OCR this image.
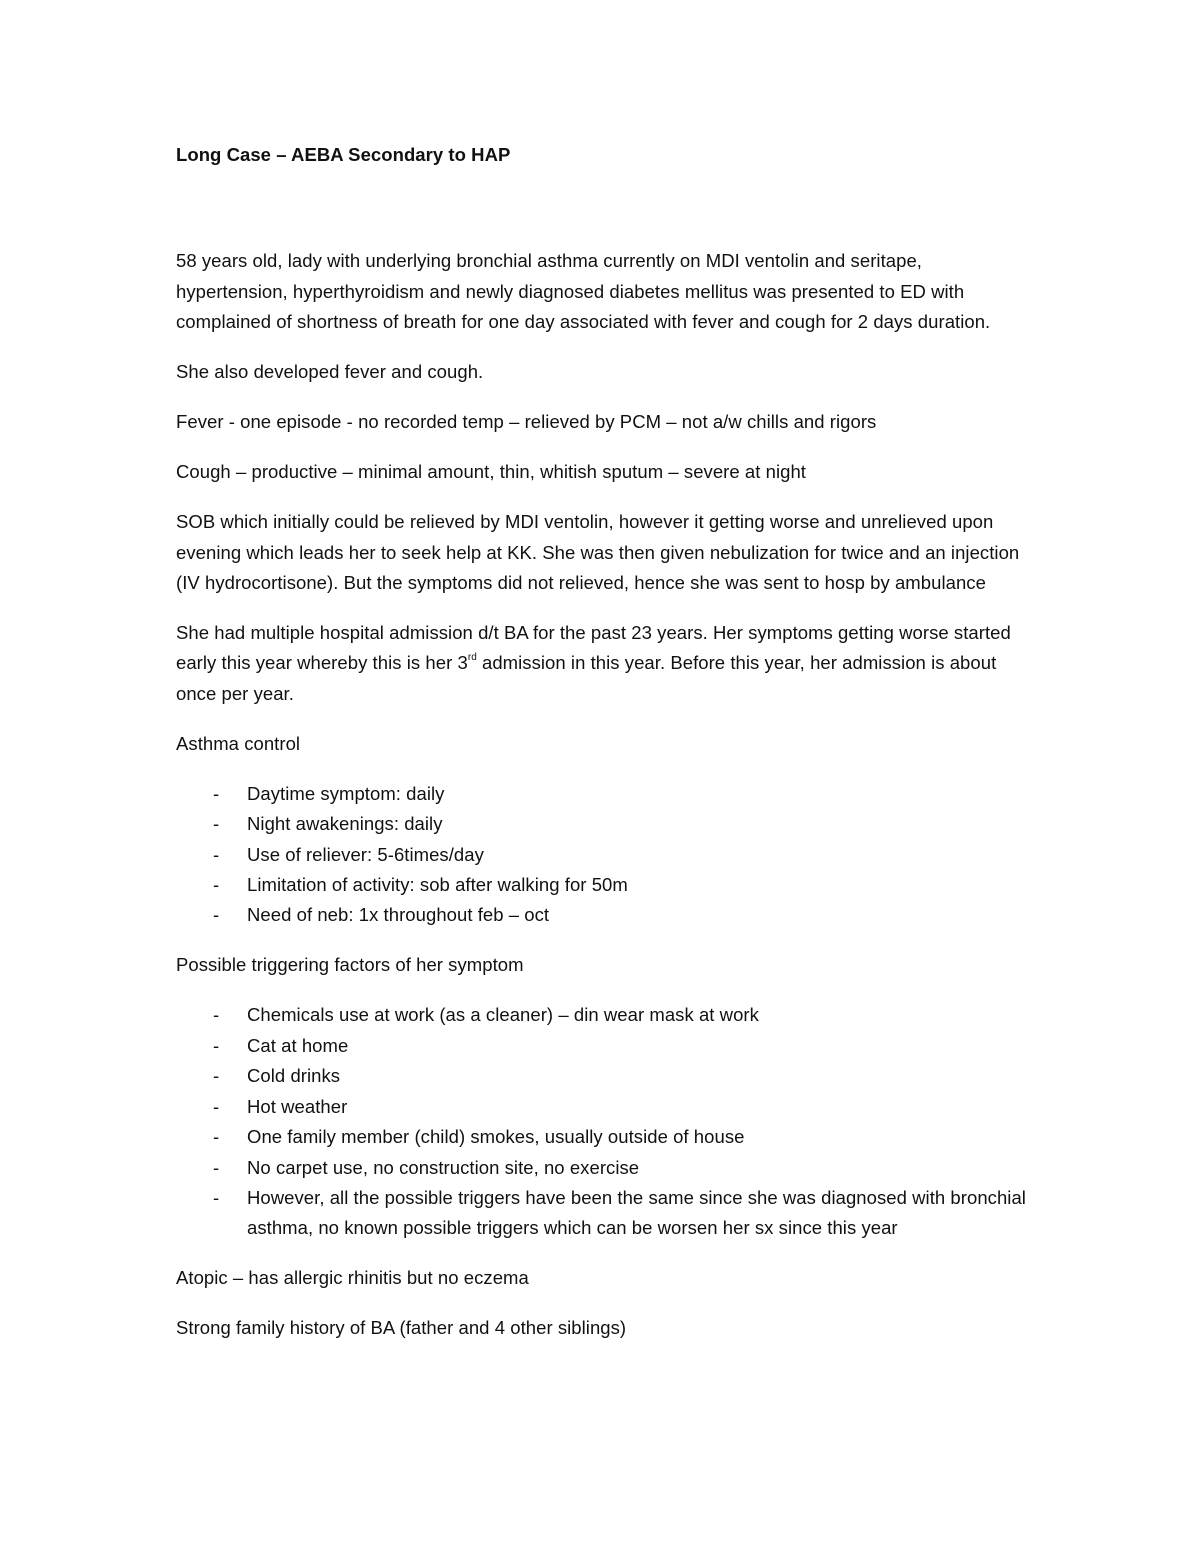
Long Case – AEBA Secondary to HAP

58 years old, lady with underlying bronchial asthma currently on MDI ventolin and seritape, hypertension, hyperthyroidism and newly diagnosed diabetes mellitus was presented to ED with complained of shortness of breath for one day associated with fever and cough for 2 days duration.

She also developed fever and cough.

Fever - one episode - no recorded temp – relieved by PCM – not a/w chills and rigors

Cough – productive – minimal amount, thin, whitish sputum – severe at night

SOB which initially could be relieved by MDI ventolin, however it getting worse and unrelieved upon evening which leads her to seek help at KK. She was then given nebulization for twice and an injection (IV hydrocortisone). But the symptoms did not relieved, hence she was sent to hosp by ambulance

She had multiple hospital admission d/t BA for the past 23 years. Her symptoms getting worse started early this year whereby this is her 3rd admission in this year. Before this year, her admission is about once per year.

Asthma control

- Daytime symptom: daily
- Night awakenings: daily
- Use of reliever: 5-6times/day
- Limitation of activity: sob after walking for 50m
- Need of neb: 1x throughout feb – oct

Possible triggering factors of her symptom

- Chemicals use at work (as a cleaner) – din wear mask at work
- Cat at home
- Cold drinks
- Hot weather
- One family member (child) smokes, usually outside of house
- No carpet use, no construction site, no exercise
- However, all the possible triggers have been the same since she was diagnosed with bronchial asthma, no known possible triggers which can be worsen her sx since this year

Atopic – has allergic rhinitis but no eczema

Strong family history of BA (father and 4 other siblings)
